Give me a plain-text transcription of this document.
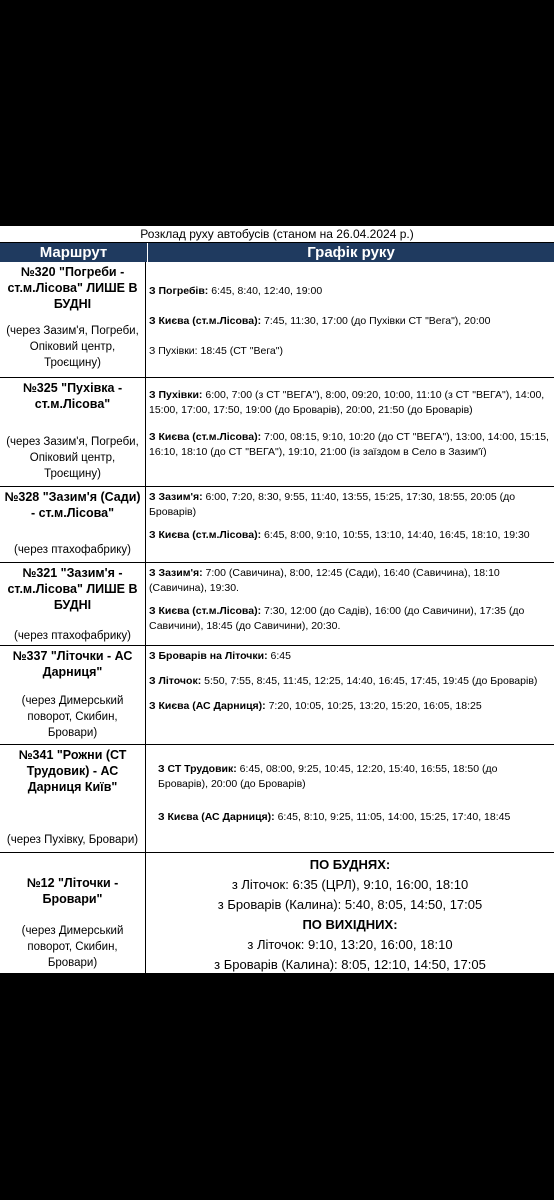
Розклад руху автобусів (станом на 26.04.2024 р.)
Маршрут	Графік руку
№320 "Погреби - ст.м.Лісова" ЛИШЕ В БУДНІ
(через Зазим'я, Погреби, Опіковий центр, Троєщину)
З Погребів: 6:45, 8:40, 12:40, 19:00
З Києва (ст.м.Лісова): 7:45, 11:30, 17:00 (до Пухівки СТ "Вега"), 20:00
З Пухівки: 18:45 (СТ "Вега")
№325 "Пухівка - ст.м.Лісова"
(через Зазим'я, Погреби, Опіковий центр, Троєщину)
З Пухівки: 6:00, 7:00 (з СТ "ВЕГА"), 8:00, 09:20, 10:00, 11:10 (з СТ "ВЕГА"), 14:00, 15:00, 17:00, 17:50, 19:00 (до Броварів), 20:00, 21:50 (до Броварів)
З Києва (ст.м.Лісова): 7:00, 08:15, 9:10, 10:20 (до СТ "ВЕГА"), 13:00, 14:00, 15:15, 16:10, 18:10 (до СТ "ВЕГА"), 19:10, 21:00 (із заїздом в Село в Зазим'ї)
№328 "Зазим'я (Сади) - ст.м.Лісова"
(через птахофабрику)
З Зазим'я: 6:00, 7:20, 8:30, 9:55, 11:40, 13:55, 15:25, 17:30, 18:55, 20:05 (до Броварів)
З Києва (ст.м.Лісова): 6:45, 8:00, 9:10, 10:55, 13:10, 14:40, 16:45, 18:10, 19:30
№321 "Зазим'я - ст.м.Лісова" ЛИШЕ В БУДНІ
(через птахофабрику)
З Зазим'я: 7:00 (Савичина), 8:00, 12:45 (Сади), 16:40 (Савичина), 18:10 (Савичина), 19:30.
З Києва (ст.м.Лісова): 7:30, 12:00 (до Садів), 16:00 (до Савичини), 17:35 (до Савичини), 18:45 (до Савичини), 20:30.
№337 "Літочки - АС Дарниця"
(через Димерський поворот, Скибин, Бровари)
З Броварів на Літочки: 6:45
З Літочок: 5:50, 7:55, 8:45, 11:45, 12:25, 14:40, 16:45, 17:45, 19:45 (до Броварів)
З Києва (АС Дарниця): 7:20, 10:05, 10:25, 13:20, 15:20, 16:05, 18:25
№341 "Рожни (СТ Трудовик) - АС Дарниця Київ"
(через Пухівку, Бровари)
З СТ Трудовик: 6:45, 08:00, 9:25, 10:45, 12:20, 15:40, 16:55, 18:50 (до Броварів), 20:00 (до Броварів)
З Києва (АС Дарниця): 6:45, 8:10, 9:25, 11:05, 14:00, 15:25, 17:40, 18:45
№12 "Літочки - Бровари"
(через Димерський поворот, Скибин, Бровари)
ПО БУДНЯХ:
з Літочок: 6:35 (ЦРЛ), 9:10, 16:00, 18:10
з Броварів (Калина): 5:40, 8:05, 14:50, 17:05
ПО ВИХІДНИХ:
з Літочок: 9:10, 13:20, 16:00, 18:10
з Броварів (Калина): 8:05, 12:10, 14:50, 17:05
